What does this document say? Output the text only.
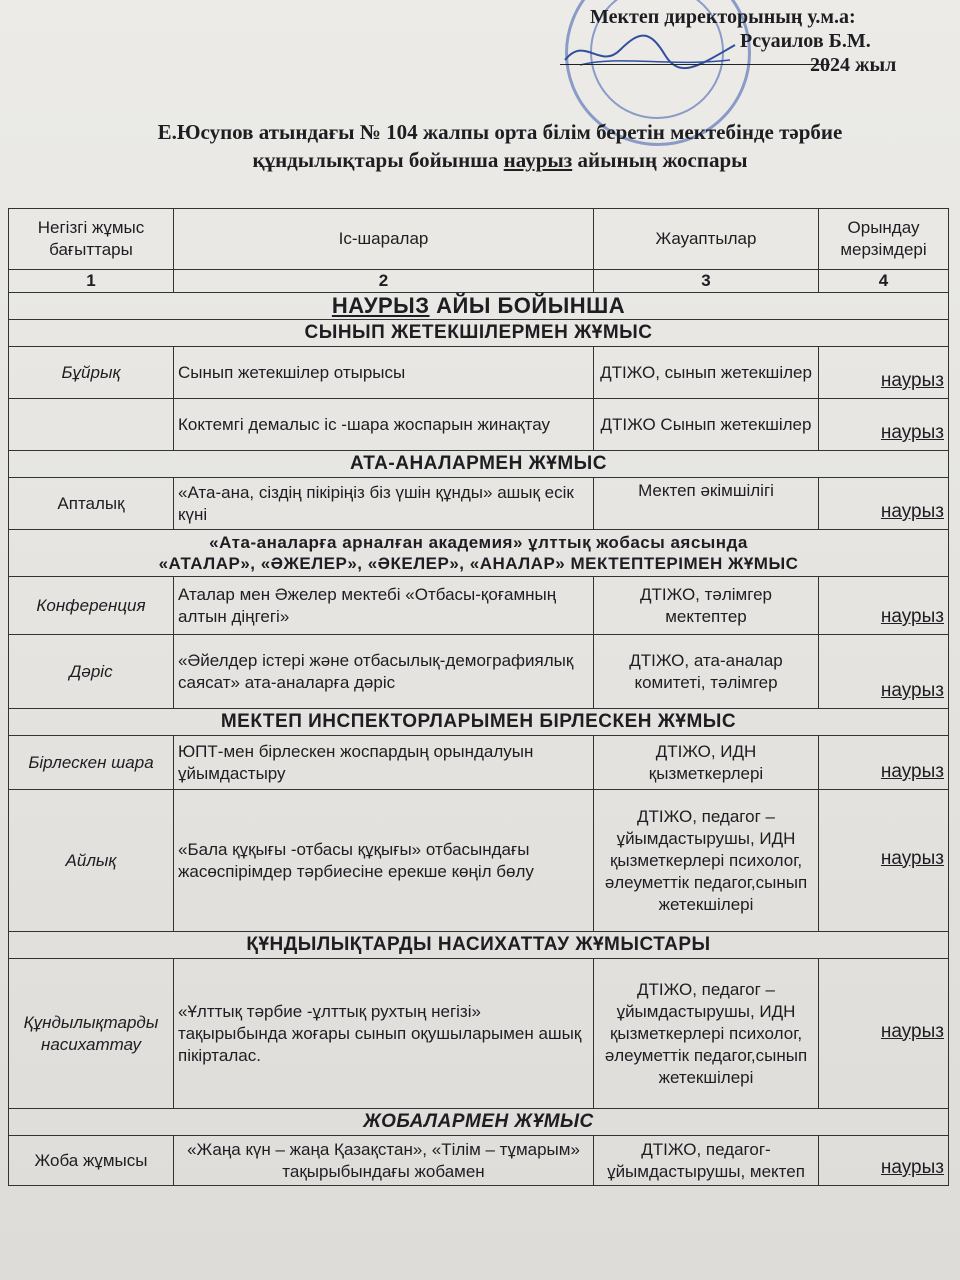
Мектеп директорының у.м.а:
Рсуаилов Б.М.
2024 жыл
Е.Юсупов атындағы № 104 жалпы орта білім беретін мектебінде тәрбие
құндылықтары бойынша наурыз айының жоспары
Негізгі жұмыс бағыттары	Іс-шаралар	Жауаптылар	Орындау мерзімдері
1	2	3	4
НАУРЫЗ АЙЫ БОЙЫНША			
СЫНЫП ЖЕТЕКШІЛЕРМЕН ЖҰМЫС			
Бұйрық	Сынып жетекшілер отырысы	ДТІЖО, сынып жетекшілер	наурыз
	Коктемгі демалыс іс -шара жоспарын жинақтау	ДТІЖО Сынып жетекшілер	наурыз
АТА-АНАЛАРМЕН ЖҰМЫС			
Апталық	«Ата-ана, сіздің пікіріңіз біз үшін құнды» ашық есік күні	Мектеп әкімшілігі	наурыз

«Ата-аналарға арналған академия» ұлттық жобасы аясында
«АТАЛАР», «ӘЖЕЛЕР», «ӘКЕЛЕР», «АНАЛАР» МЕКТЕПТЕРІМЕН ЖҰМЫС			

Конференция	Аталар мен Әжелер мектебі «Отбасы-қоғамның алтын діңгегі»	ДТІЖО, тәлімгер мектептер	наурыз
Дәріс	«Әйелдер істері және отбасылық-демографиялық саясат» ата-аналарға дәріс	ДТІЖО, ата-аналар комитеті, тәлімгер	наурыз
МЕКТЕП ИНСПЕКТОРЛАРЫМЕН БІРЛЕСКЕН ЖҰМЫС			
Бірлескен шара	ЮПТ-мен бірлескен жоспардың орындалуын ұйымдастыру	ДТІЖО, ИДН қызметкерлері	наурыз
Айлық	«Бала құқығы -отбасы құқығы» отбасындағы жасөспірімдер тәрбиесіне ерекше көңіл бөлу	ДТІЖО, педагог – ұйымдастырушы, ИДН қызметкерлері психолог, әлеуметтік педагог,сынып жетекшілері	наурыз
ҚҰНДЫЛЫҚТАРДЫ НАСИХАТТАУ ЖҰМЫСТАРЫ			
Құндылықтарды насихаттау	«Ұлттық тәрбие -ұлттық рухтың негізі» тақырыбында жоғары сынып оқушыларымен ашық пікірталас.	ДТІЖО, педагог – ұйымдастырушы, ИДН қызметкерлері психолог, әлеуметтік педагог,сынып жетекшілері	наурыз
ЖОБАЛАРМЕН ЖҰМЫС			
Жоба жұмысы	«Жаңа күн – жаңа Қазақстан», «Тілім – тұмарым» тақырыбындағы жобамен	ДТІЖО, педагог-ұйымдастырушы, мектеп	наурыз
